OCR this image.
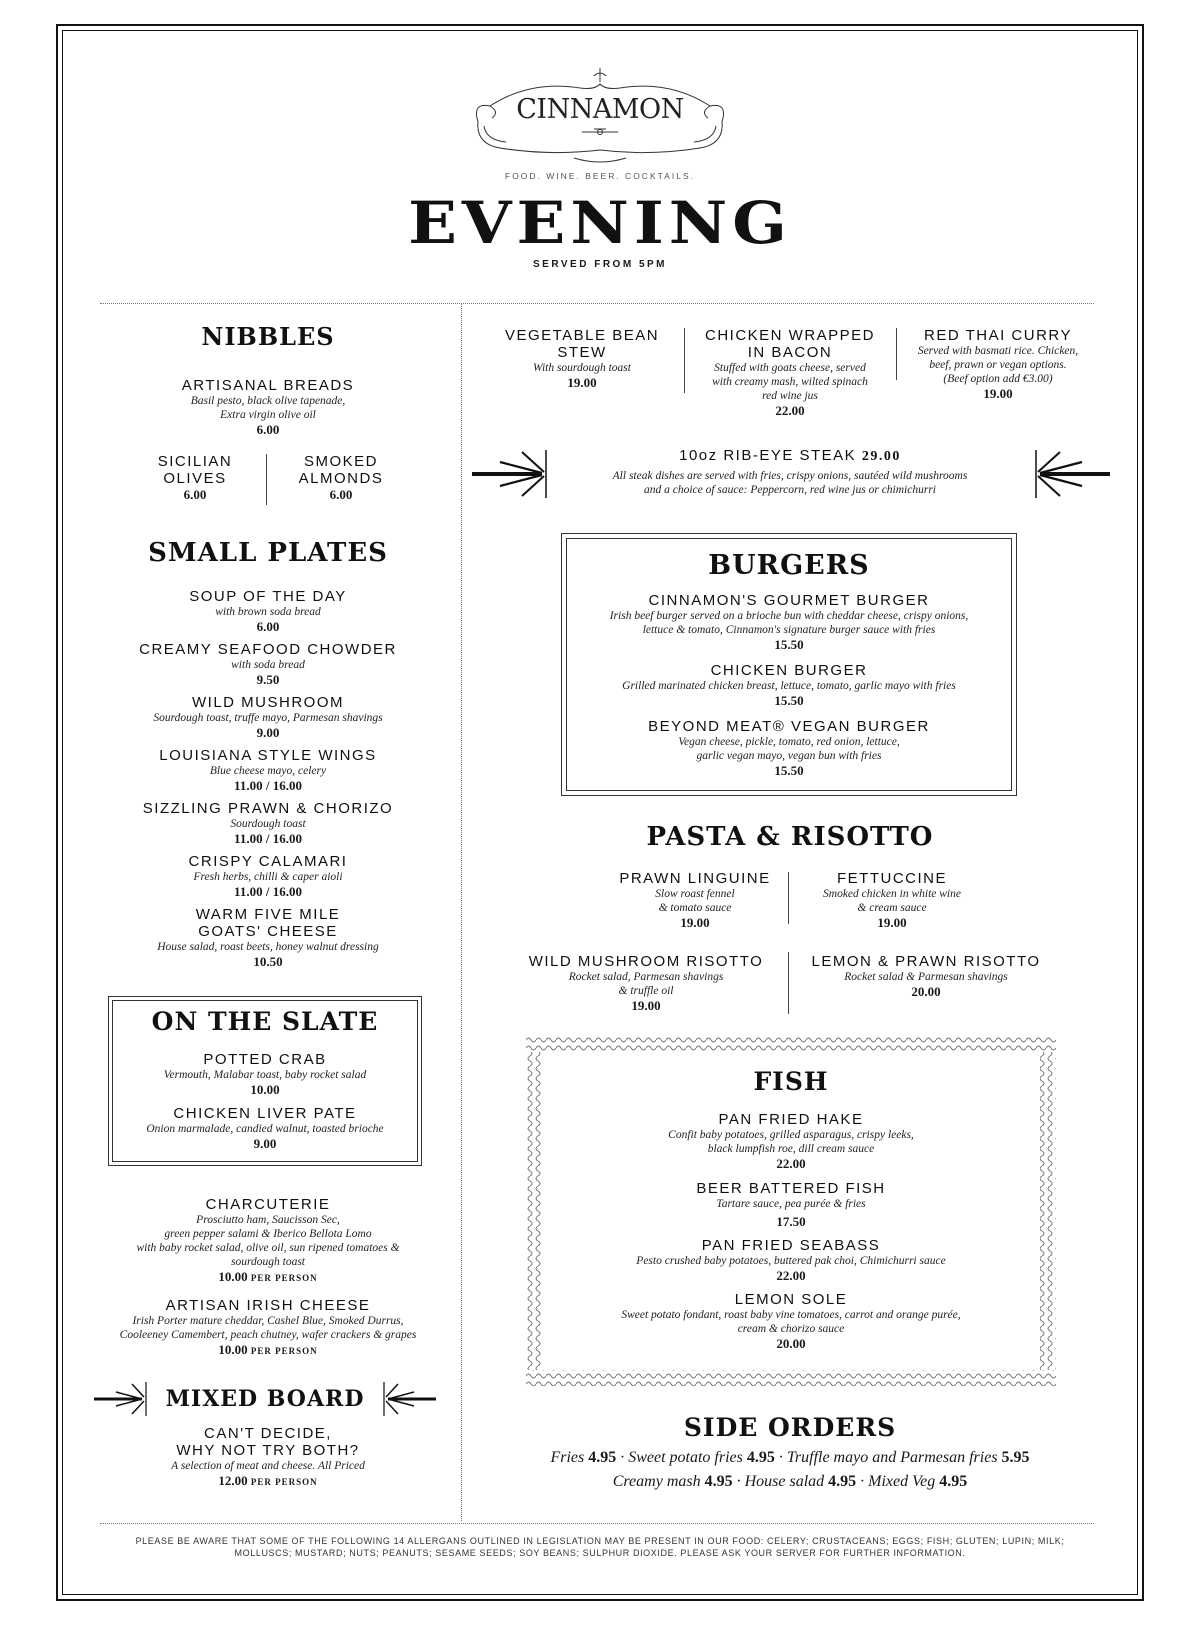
CINNAMON
FOOD. WINE. BEER. COCKTAILS.
EVENING
SERVED FROM 5PM
NIBBLES
ARTISANAL BREADS
Basil pesto, black olive tapenade,
Extra virgin olive oil
6.00
SICILIAN
OLIVES
6.00
SMOKED
ALMONDS
6.00
SMALL PLATES
SOUP OF THE DAY
with brown soda bread
6.00
CREAMY SEAFOOD CHOWDER
with soda bread
9.50
WILD MUSHROOM
Sourdough toast, truffe mayo, Parmesan shavings
9.00
LOUISIANA STYLE WINGS
Blue cheese mayo, celery
11.00 / 16.00
SIZZLING PRAWN & CHORIZO
Sourdough toast
11.00 / 16.00
CRISPY CALAMARI
Fresh herbs, chilli & caper aioli
11.00 / 16.00
WARM FIVE MILE
GOATS' CHEESE
House salad, roast beets, honey walnut dressing
10.50
ON THE SLATE
POTTED CRAB
Vermouth, Malabar toast, baby rocket salad
10.00
CHICKEN LIVER PATE
Onion marmalade, candied walnut, toasted brioche
9.00
CHARCUTERIE
Prosciutto ham, Saucisson Sec,
green pepper salami & Iberico Bellota Lomo
with baby rocket salad, olive oil, sun ripened tomatoes &
sourdough toast
10.00 PER PERSON
ARTISAN IRISH CHEESE
Irish Porter mature cheddar, Cashel Blue, Smoked Durrus,
Cooleeney Camembert, peach chutney, wafer crackers & grapes
10.00 PER PERSON
MIXED BOARD
CAN'T DECIDE,
WHY NOT TRY BOTH?
A selection of meat and cheese. All Priced
12.00 PER PERSON
VEGETABLE BEAN
STEW
With sourdough toast
19.00
CHICKEN WRAPPED
IN BACON
Stuffed with goats cheese, served
with creamy mash, wilted spinach
red wine jus
22.00
RED THAI CURRY
Served with basmati rice. Chicken,
beef, prawn or vegan options.
(Beef option add €3.00)
19.00
10oz RIB-EYE STEAK 29.00
All steak dishes are served with fries, crispy onions, sautéed wild mushrooms
and a choice of sauce: Peppercorn, red wine jus or chimichurri
BURGERS
CINNAMON'S GOURMET BURGER
Irish beef burger served on a brioche bun with cheddar cheese, crispy onions,
lettuce & tomato, Cinnamon's signature burger sauce with fries
15.50
CHICKEN BURGER
Grilled marinated chicken breast, lettuce, tomato, garlic mayo with fries
15.50
BEYOND MEAT® VEGAN BURGER
Vegan cheese, pickle, tomato, red onion, lettuce,
garlic vegan mayo, vegan bun with fries
15.50
PASTA & RISOTTO
PRAWN LINGUINE
Slow roast fennel
& tomato sauce
19.00
FETTUCCINE
Smoked chicken in white wine
& cream sauce
19.00
WILD MUSHROOM RISOTTO
Rocket salad, Parmesan shavings
& truffle oil
19.00
LEMON & PRAWN RISOTTO
Rocket salad & Parmesan shavings
20.00
FISH
PAN FRIED HAKE
Confit baby potatoes, grilled asparagus, crispy leeks,
black lumpfish roe, dill cream sauce
22.00
BEER BATTERED FISH
Tartare sauce, pea purée & fries
17.50
PAN FRIED SEABASS
Pesto crushed baby potatoes, buttered pak choi, Chimichurri sauce
22.00
LEMON SOLE
Sweet potato fondant, roast baby vine tomatoes, carrot and orange purée,
cream & chorizo sauce
20.00
SIDE ORDERS
Fries 4.95 · Sweet potato fries 4.95 · Truffle mayo and Parmesan fries 5.95
Creamy mash 4.95 · House salad 4.95 · Mixed Veg 4.95
PLEASE BE AWARE THAT SOME OF THE FOLLOWING 14 ALLERGANS OUTLINED IN LEGISLATION MAY BE PRESENT IN OUR FOOD: CELERY; CRUSTACEANS; EGGS; FISH; GLUTEN; LUPIN; MILK;
MOLLUSCS; MUSTARD; NUTS; PEANUTS; SESAME SEEDS; SOY BEANS; SULPHUR DIOXIDE. PLEASE ASK YOUR SERVER FOR FURTHER INFORMATION.
